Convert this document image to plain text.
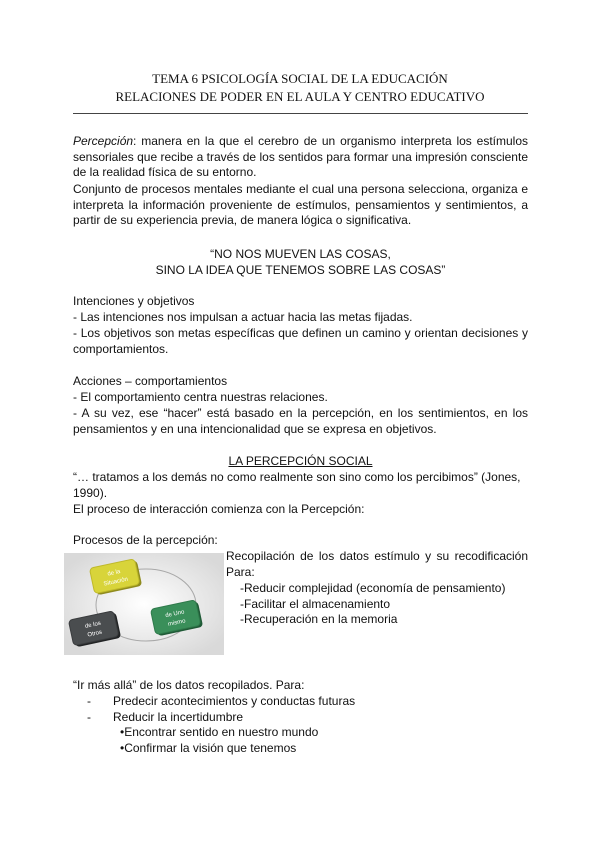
TEMA 6 PSICOLOGÍA SOCIAL DE LA EDUCACIÓN
RELACIONES DE PODER EN EL AULA Y CENTRO EDUCATIVO
Percepción: manera en la que el cerebro de un organismo interpreta los estímulos sensoriales que recibe a través de los sentidos para formar una impresión consciente de la realidad física de su entorno.
Conjunto de procesos mentales mediante el cual una persona selecciona, organiza e interpreta la información proveniente de estímulos, pensamientos y sentimientos, a partir de su experiencia previa, de manera lógica o significativa.
“NO NOS MUEVEN LAS COSAS,
SINO LA IDEA QUE TENEMOS SOBRE LAS COSAS”
Intenciones y objetivos
- Las intenciones nos impulsan a actuar hacia las metas fijadas.
- Los objetivos son metas específicas que definen un camino y orientan decisiones y comportamientos.
Acciones – comportamientos
- El comportamiento centra nuestras relaciones.
- A su vez, ese “hacer” está basado en la percepción, en los sentimientos, en los pensamientos y en una intencionalidad que se expresa en objetivos.
LA PERCEPCIÓN SOCIAL
“… tratamos a los demás no como realmente son sino como los percibimos” (Jones, 1990).
El proceso de interacción comienza con la Percepción:
Procesos de la percepción:
de la
Situación
de Uno
mismo
de los
Otros
Recopilación de los datos estímulo y su recodificación Para:
-Reducir complejidad (economía de pensamiento)
-Facilitar el almacenamiento
-Recuperación en la memoria
“Ir más allá” de los datos recopilados. Para:
- Predecir acontecimientos y conductas futuras
- Reducir la incertidumbre
•Encontrar sentido en nuestro mundo
•Confirmar la visión que tenemos
